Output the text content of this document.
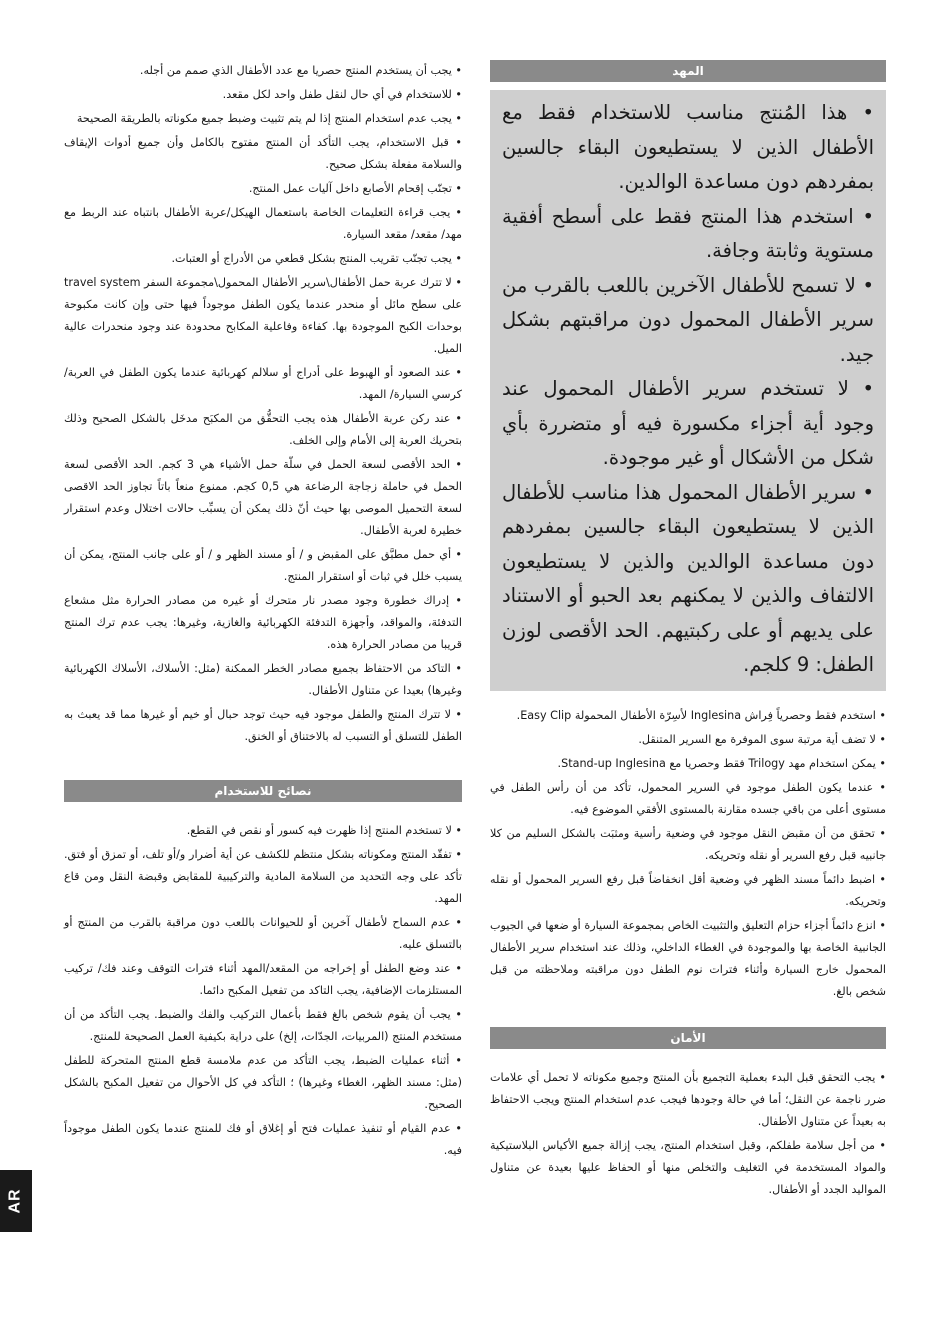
• يجب أن يستخدم المنتج حصريا مع عدد الأطفال الذي صمم من أجله.
• للاستخدام في أي حال لنقل طفل واحد لكل مقعد.
• يجب عدم استخدام المنتج إذا لم يتم تثبيت وضبط جميع مكوناته بالطريقة الصحيحة
• قبل الاستخدام، يجب التأكد أن المنتج مفتوح بالكامل وأن جميع أدوات الإيقاف والسلامة مفعلة بشكل صحيح.
• تجنّب إقحام الأصابع داخل آليات عمل المنتج.
• يجب قراءة التعليمات الخاصة باستعمال الهيكل/عربة الأطفال بانتباه عند الربط مع مهد/ مقعد/ مقعد السيارة.
• يجب تجنّب تقريب المنتج بشكل قطعي من الأدراج أو العتبات.
• لا تترك عربة حمل الأطفال\سرير الأطفال المحمول\مجموعة السفر travel system على سطح مائل أو منحدر عندما يكون الطفل موجوداً فيها حتى وإن كانت مكبوحة بوحدات الكبح الموجودة بها. كفاءة وفاعلية المكابح محدودة عند وجود منحدرات عالية الميل.
• عند الصعود أو الهبوط على أدراج أو سلالم كهربائية عندما يكون الطفل في العربة/ كرسي السيارة/ المهد.
• عند ركن عربة الأطفال هذه يجب التحقُّق من المكبَح مدخَل بالشكل الصحيح وذلك بتحريك العربة إلى الأمام وإلى الخلف.
• الحد الأقصى لسعة الحمل في سلّة حمل الأشياء هي 3 كجم. الحد الأقصى لسعة الحمل في حاملة زجاجة الرضاعة هي 0,5 كجم. ممنوع منعاً باتاً تجاوز الحد الاقصى لسعة التحميل الموصى بها حيث أنّ ذلك يمكن أن يسبِّب حالات اختلال وعدم استقرار خطيرة لعربة الأطفال.
• أي حمل مطبَّق على المقبض و / أو مسند الظهر و / أو على جانب المنتج، يمكن أن يسبب خلل في ثبات أو استقرار المنتج.
• إدراك خطورة وجود مصدر نار متحرك أو غيره من مصادر الحرارة مثل مشعاع التدفئة، والمواقد، وأجهزة التدفئة الكهربائية والغازية، وغيرها: يجب عدم ترك المنتج قريبا من مصادر الحرارة هذه.
• التاكد من الاحتفاظ بجميع مصادر الخطر الممكنة (مثل: الأسلاك، الأسلاك الكهربائية وغيرها) بعيدا عن متناول الأطفال.
• لا تترك المنتج والطفل موجود فيه حيث توجد حبال أو خيم أو غيرها مما قد يعبث به الطفل للتسلق أو التسبب له بالاختناق أو الخنق.
نصائح للاستخدام
• لا تستخدم المنتج إذا ظهرت فيه كسور أو نقص في القطع.
• تفقّد المنتج ومكوناته بشكل منتظم للكشف عن أية أضرار و/أو تلف، أو تمزق أو فتق. تأكد على وجه التحديد من السلامة المادية والتركيبية للمقابض وقبضة النقل ومن قاع المهد.
• عدم السماح لأطفال آخرين أو للحيوانات باللعب دون مراقبة بالقرب من المنتج أو بالتسلق عليه.
• عند وضع الطفل أو إخراجه من المقعد/المهد أثناء فترات التوقف وعند فك/ تركيب المستلزمات الإضافية، يجب التاكد من تفعيل المكبح دائما.
• يجب أن يقوم شخص بالغ فقط بأعمال التركيب والفك والضبط. يجب التأكد من أن مستخدم المنتج (المربيات، الجدّات، إلخ) على دراية بكيفية العمل الصحيحة للمنتج.
• أثناء عمليات الضبط، يجب التأكد من عدم ملامسة قطع المنتج المتحركة للطفل (مثل: مسند الظهر، الغطاء وغيرها) ؛ التأكد في كل الأحوال من تفعيل المكبح بالشكل الصحيح.
• عدم القيام أو تنفيذ عمليات فتح أو إغلاق أو فك للمنتج عندما يكون الطفل موجوداً فيه.
المهد
• هذا المُنتج مناسب للاستخدام فقط مع الأطفال الذين لا يستطيعون البقاء جالسين بمفردهم دون مساعدة الوالدين.
• استخدم هذا المنتج فقط على أسطح أفقية مستوية وثابتة وجافة.
• لا تسمح للأطفال الآخرين باللعب بالقرب من سرير الأطفال المحمول دون مراقبتهم بشكل جيد.
• لا تستخدم سرير الأطفال المحمول عند وجود أية أجزاء مكسورة فيه أو متضررة بأي شكل من الأشكال أو غير موجودة.
• سرير الأطفال المحمول هذا مناسب للأطفال الذين لا يستطيعون البقاء جالسين بمفردهم دون مساعدة الوالدين والذين لا يستطيعون الالتفاف والذين لا يمكنهم بعد الحبو أو الاستناد على يديهم أو على ركبتيهم. الحد الأقصى لوزن الطفل: 9 كلجم.
• استخدم فقط وحصرياً فِراش Inglesina لأسِرّة الأطفال المحمولة Easy Clip.
• لا تضف أية مرتبة سوى الموفرة مع السرير المتنقل.
• يمكن استخدام مهد Trilogy فقط وحصريا مع Stand-up Inglesina.
• عندما يكون الطفل موجود في السرير المحمول، تأكد من أن رأس الطفل في مستوى أعلى من باقي جسده مقارنة بالمستوى الأفقي الموضوع فيه.
• تحقق من أن مقبض النقل موجود في وضعية رأسية ومثبَت بالشكل السليم من كلا جانبيه قبل رفع السرير أو نقله وتحريكه.
• اضبط دائماً مسند الظهر في وضعية أقل انخفاضاً قبل رفع السرير المحمول أو نقله وتحريكه.
• انزع دائماً أجزاء حزام التعليق والتثبيت الخاص بمجموعة السيارة أو ضعها في الجيوب الجانبية الخاصة بها والموجودة في الغطاء الداخلي، وذلك عند استخدام سرير الأطفال المحمول خارج السيارة وأثناء فترات نوم الطفل دون مراقبته وملاحظته من قبل شخص بالغ.
الأمان
• يجب التحقق قبل البدء بعملية التجميع بأن المنتج وجميع مكوناته لا تحمل أي علامات ضرر ناجمة عن النقل؛ أما في حالة وجودها فيجب عدم استخدام المنتج ويجب الاحتفاظ به بعيداً عن متناول الأطفال.
• من أجل سلامة طفلكم، وقبل استخدام المنتج، يجب إزالة جميع الأكياس البلاستيكية والمواد المستخدمة في التغليف والتخلص منها أو الحفاظ عليها بعيدة عن متناول المواليد الجدد أو الأطفال.
AR
